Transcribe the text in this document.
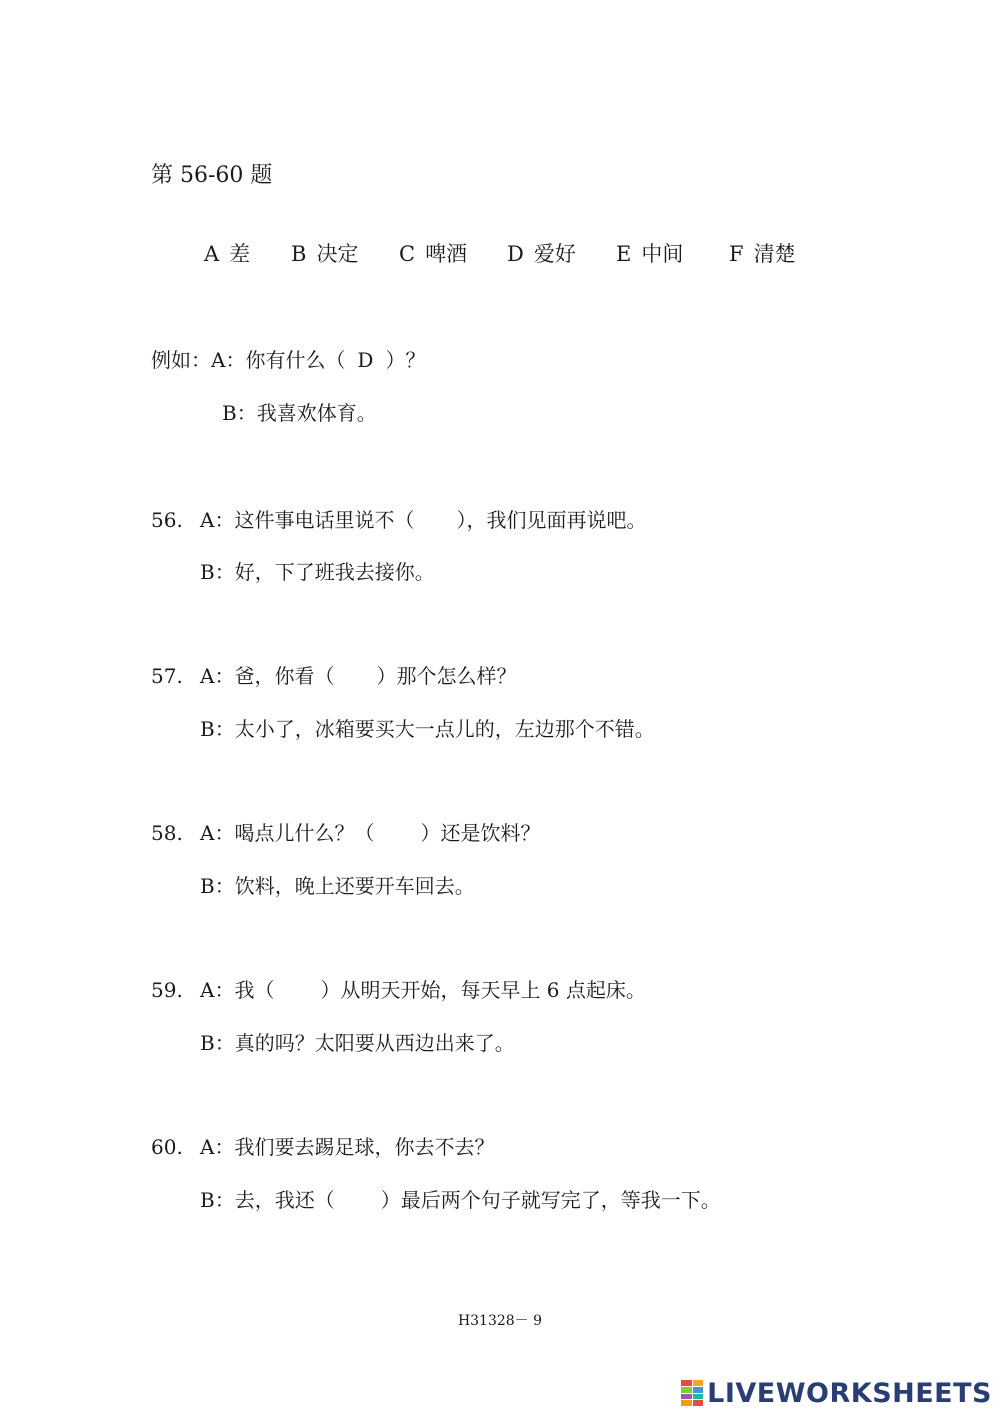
第 56-60 题
A 差 B 决定 C 啤酒 D 爱好 E 中间 F 清楚
例如：A：你有什么（ D ）？
B：我喜欢体育。
56. A：这件事电话里说不（ ），我们见面再说吧。
B：好，下了班我去接你。
57. A：爸，你看（ ）那个怎么样？
B：太小了，冰箱要买大一点儿的，左边那个不错。
58. A：喝点儿什么？（ ）还是饮料？
B：饮料，晚上还要开车回去。
59. A：我（ ）从明天开始，每天早上 6 点起床。
B：真的吗？太阳要从西边出来了。
60. A：我们要去踢足球，你去不去？
B：去，我还（ ）最后两个句子就写完了，等我一下。
H31328－ 9
LIVEWORKSHEETS
